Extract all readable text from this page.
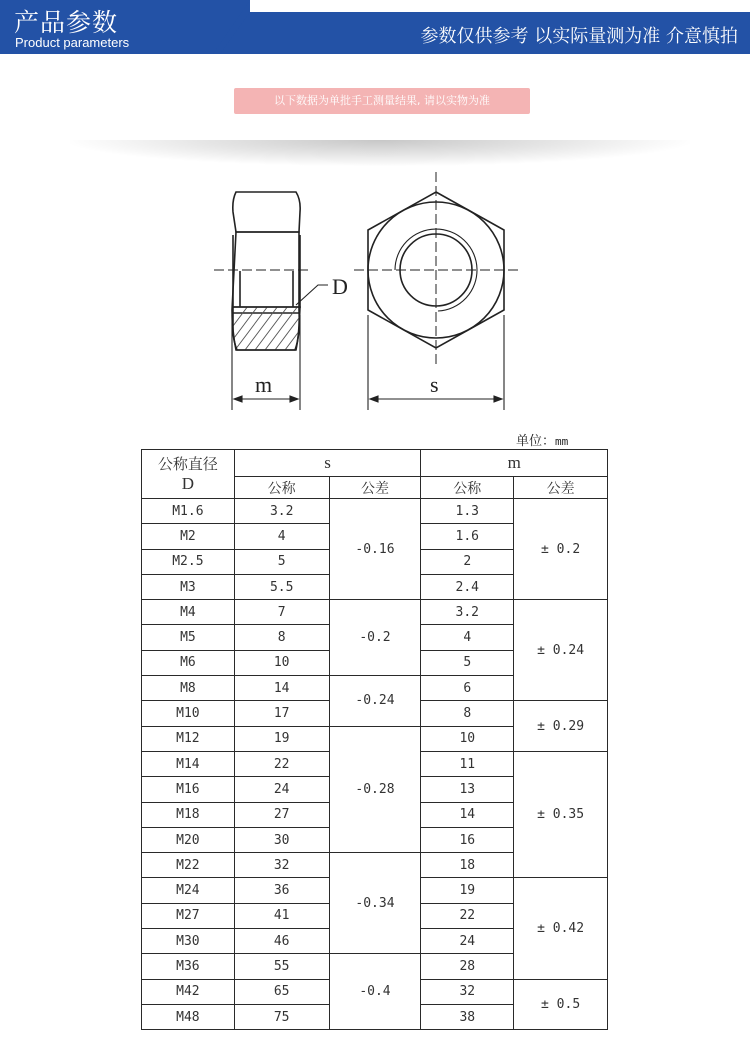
产品参数
Product parameters	参数仅供参考 以实际量测为准 介意慎拍
以下数据为单批手工测量结果, 请以实物为准
D
m	s
单位：mm
公称直径
D	s		m	
	公称	公差	公称	公差
M1.6	3.2	-0.16	1.3	± 0.2
M2	4		1.6	
M2.5	5		2	
M3	5.5		2.4	
M4	7	-0.2	3.2	± 0.24
M5	8		4	
M6	10		5	
M8	14	-0.24	6	
M10	17		8	± 0.29
M12	19	-0.28	10	
M14	22		11	± 0.35
M16	24		13	
M18	27		14	
M20	30		16	
M22	32	-0.34	18	
M24	36		19	± 0.42
M27	41		22	
M30	46		24	
M36	55	-0.4	28	
M42	65		32	± 0.5
M48	75		38	
